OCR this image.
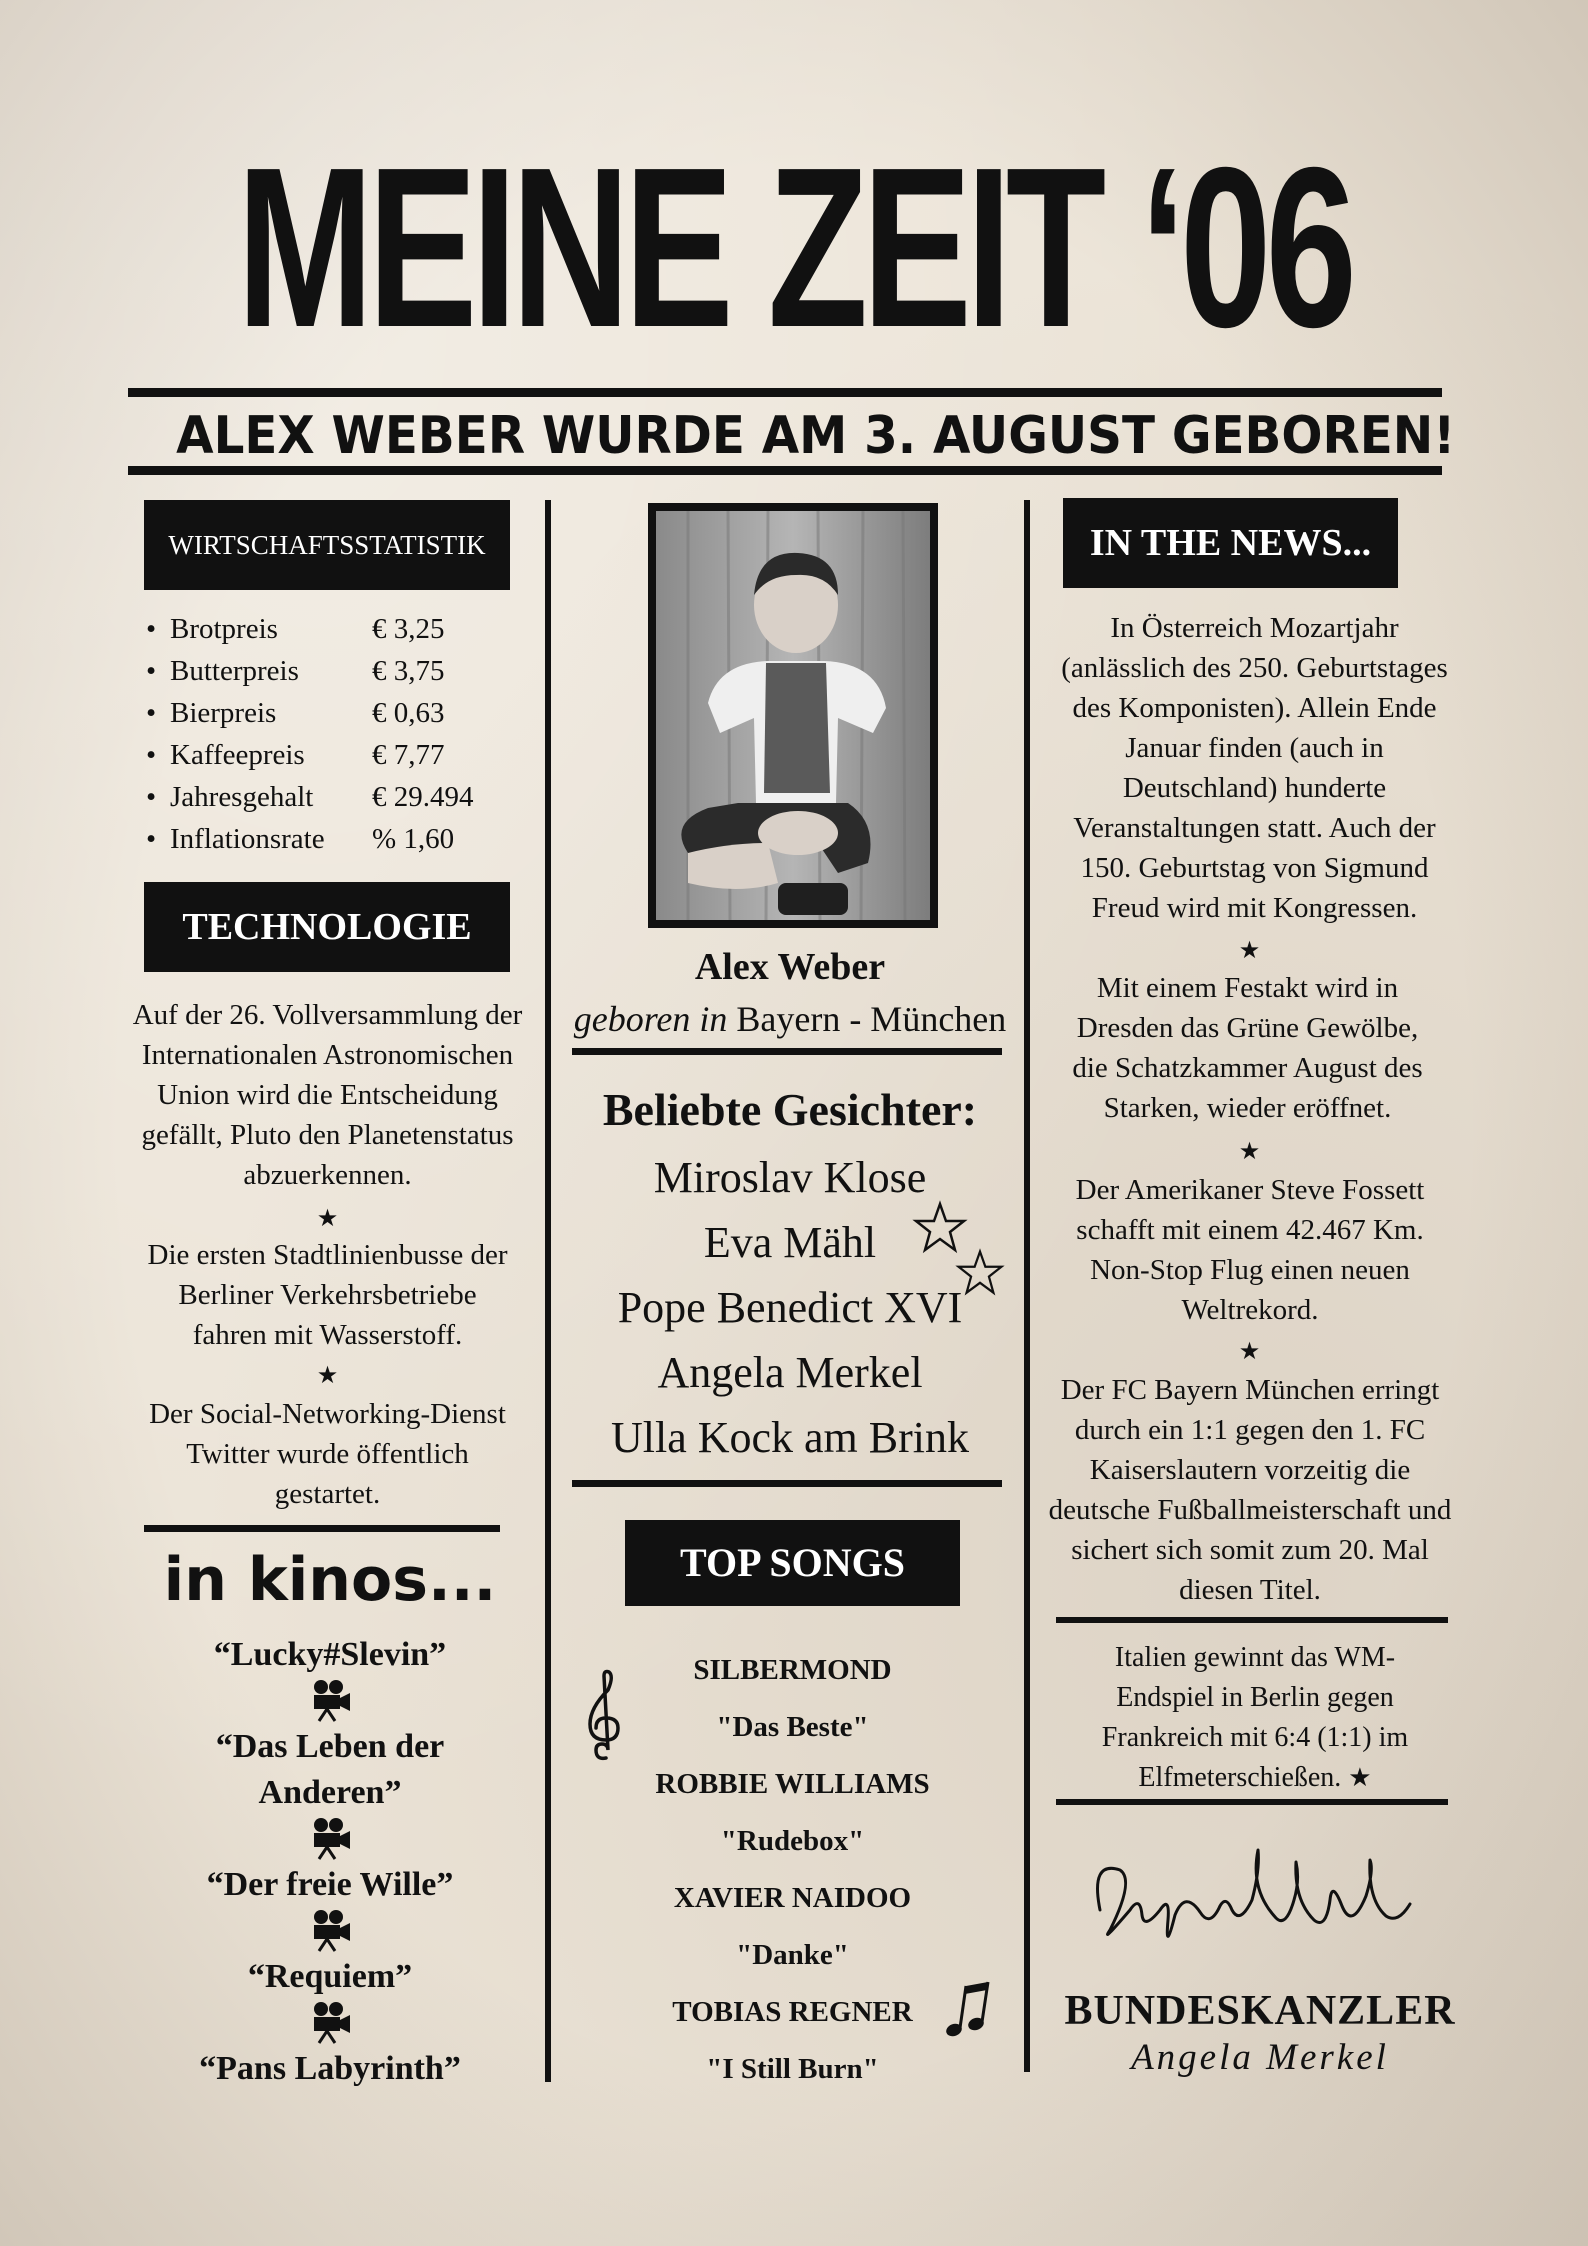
MEINE ZEIT ‘06
ALEX WEBER WURDE AM 3. AUGUST GEBOREN!
WIRTSCHAFTSSTATISTIK
• Brotpreis	€ 3,25
• Butterpreis	€ 3,75
• Bierpreis	€ 0,63
• Kaffeepreis € 7,77
• Jahresgehalt € 29.494
• Inflationsrate % 1,60
TECHNOLOGIE
Auf der 26. Vollversammlung der Internationalen Astronomischen Union wird die Entscheidung gefällt, Pluto den Planetenstatus abzuerkennen.
★
Die ersten Stadtlinienbusse der Berliner Verkehrsbetriebe fahren mit Wasserstoff.
★
Der Social-Networking-Dienst Twitter wurde öffentlich gestartet.
in kinos...
“Lucky#Slevin”
“Das Leben der Anderen”
“Der freie Wille”
“Requiem”
“Pans Labyrinth”
Alex Weber
geboren in Bayern - München
Beliebte Gesichter:
Miroslav Klose
Eva Mähl
Pope Benedict XVI
Angela Merkel
Ulla Kock am Brink
TOP SONGS
SILBERMOND
"Das Beste"
ROBBIE WILLIAMS
"Rudebox"
XAVIER NAIDOO
"Danke"
TOBIAS REGNER
"I Still Burn"
IN THE NEWS...
In Österreich Mozartjahr (anlässlich des 250. Geburtstages des Komponisten). Allein Ende Januar finden (auch in Deutschland) hunderte Veranstaltungen statt. Auch der 150. Geburtstag von Sigmund Freud wird mit Kongressen.
★
Mit einem Festakt wird in Dresden das Grüne Gewölbe, die Schatzkammer August des Starken, wieder eröffnet.
★
Der Amerikaner Steve Fossett schafft mit einem 42.467 Km. Non-Stop Flug einen neuen Weltrekord.
★
Der FC Bayern München erringt durch ein 1:1 gegen den 1. FC Kaiserslautern vorzeitig die deutsche Fußballmeisterschaft und sichert sich somit zum 20. Mal diesen Titel.
Italien gewinnt das WM-Endspiel in Berlin gegen Frankreich mit 6:4 (1:1) im Elfmeterschießen. ★
BUNDESKANZLER
Angela Merkel
